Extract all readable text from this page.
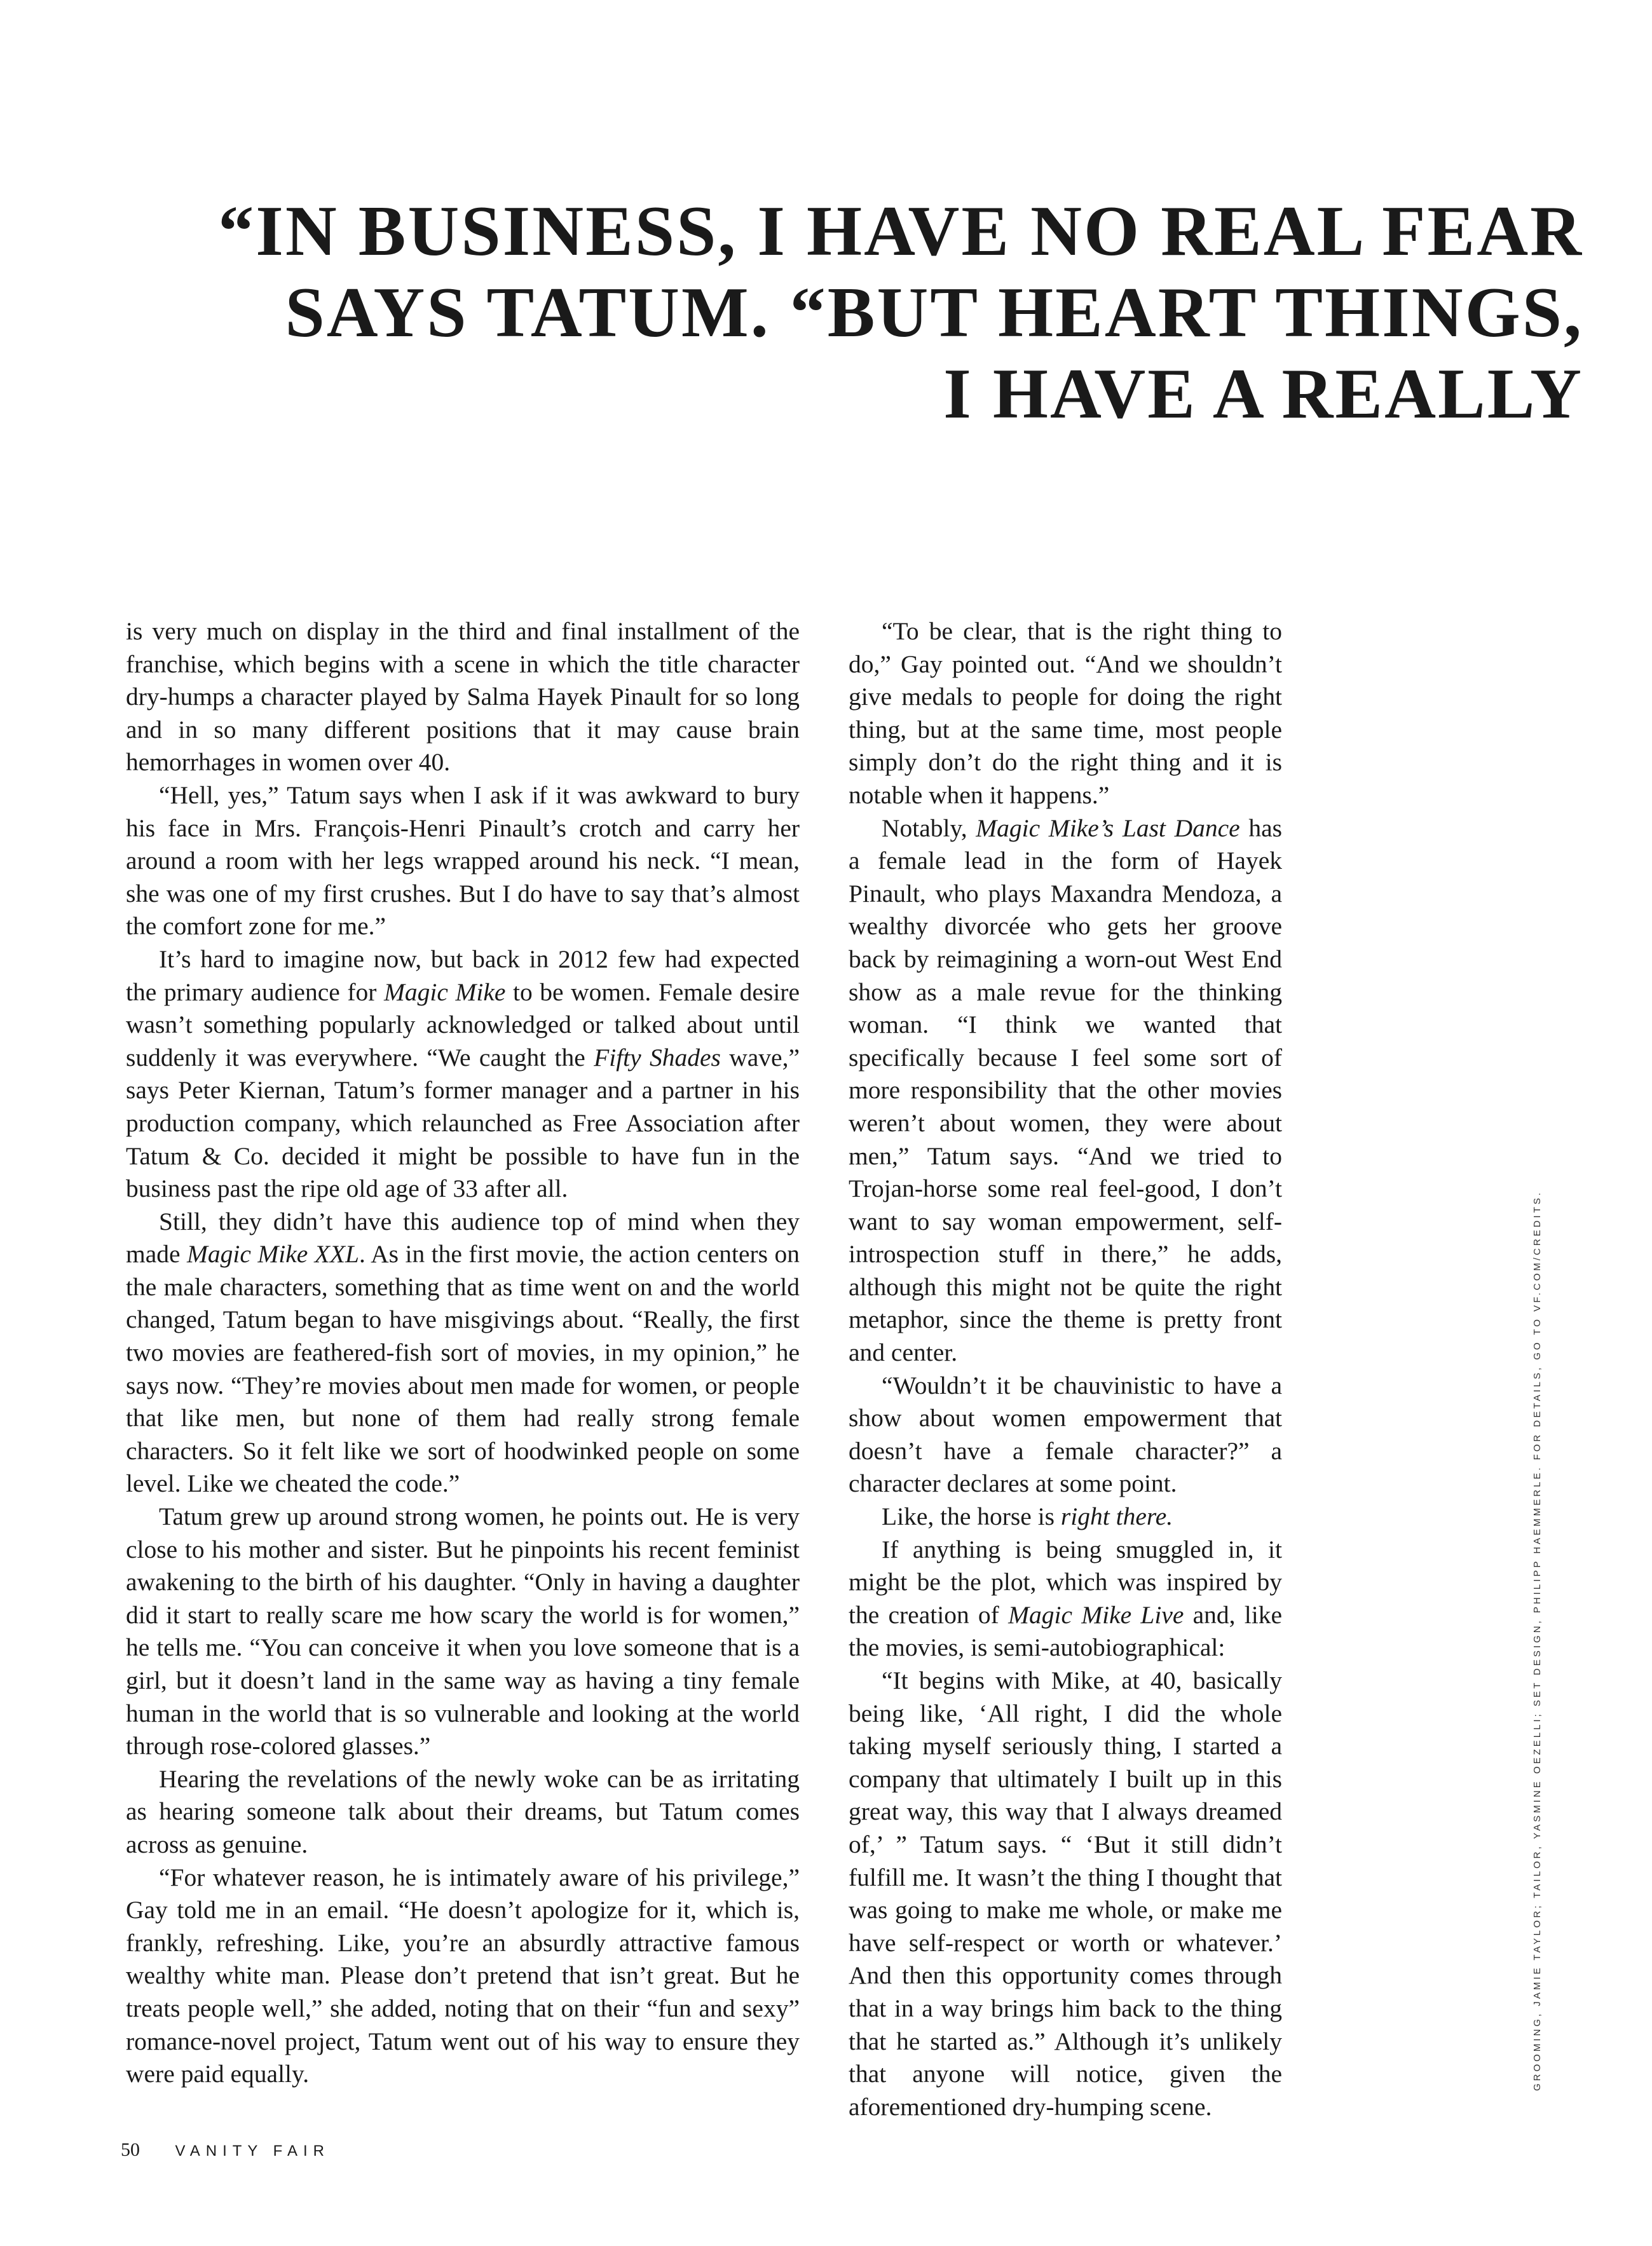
“IN BUSINESS, I HAVE NO REAL FEAR
SAYS TATUM. “BUT HEART THINGS,
I HAVE A REALLY

is very much on display in the third and final installment of the franchise, which begins with a scene in which the title character dry-humps a character played by Salma Hayek Pinault for so long and in so many different positions that it may cause brain hemorrhages in women over 40.

“Hell, yes,” Tatum says when I ask if it was awkward to bury his face in Mrs. François-Henri Pinault’s crotch and carry her around a room with her legs wrapped around his neck. “I mean, she was one of my first crushes. But I do have to say that’s almost the comfort zone for me.”

It’s hard to imagine now, but back in 2012 few had expected the primary audience for Magic Mike to be women. Female desire wasn’t something popularly acknowledged or talked about until suddenly it was everywhere. “We caught the Fifty Shades wave,” says Peter Kiernan, Tatum’s former manager and a partner in his production company, which relaunched as Free Association after Tatum & Co. decided it might be possible to have fun in the business past the ripe old age of 33 after all.

Still, they didn’t have this audience top of mind when they made Magic Mike XXL. As in the first movie, the action centers on the male characters, something that as time went on and the world changed, Tatum began to have misgivings about. “Really, the first two movies are feathered-fish sort of movies, in my opinion,” he says now. “They’re movies about men made for women, or people that like men, but none of them had really strong female characters. So it felt like we sort of hoodwinked people on some level. Like we cheated the code.”

Tatum grew up around strong women, he points out. He is very close to his mother and sister. But he pinpoints his recent feminist awakening to the birth of his daughter. “Only in having a daughter did it start to really scare me how scary the world is for women,” he tells me. “You can conceive it when you love someone that is a girl, but it doesn’t land in the same way as having a tiny female human in the world that is so vulnerable and looking at the world through rose-colored glasses.”

Hearing the revelations of the newly woke can be as irritating as hearing someone talk about their dreams, but Tatum comes across as genuine.

“For whatever reason, he is intimately aware of his privilege,” Gay told me in an email. “He doesn’t apologize for it, which is, frankly, refreshing. Like, you’re an absurdly attractive famous wealthy white man. Please don’t pretend that isn’t great. But he treats people well,” she added, noting that on their “fun and sexy” romance-novel project, Tatum went out of his way to ensure they were paid equally.

“To be clear, that is the right thing to do,” Gay pointed out. “And we shouldn’t give medals to people for doing the right thing, but at the same time, most people simply don’t do the right thing and it is notable when it happens.”

Notably, Magic Mike’s Last Dance has a female lead in the form of Hayek Pinault, who plays Maxandra Mendoza, a wealthy divorcée who gets her groove back by reimagining a worn-out West End show as a male revue for the thinking woman. “I think we wanted that specifically because I feel some sort of more responsibility that the other movies weren’t about women, they were about men,” Tatum says. “And we tried to Trojan-horse some real feel-good, I don’t want to say woman empowerment, self-introspection stuff in there,” he adds, although this might not be quite the right metaphor, since the theme is pretty front and center.

“Wouldn’t it be chauvinistic to have a show about women empowerment that doesn’t have a female character?” a character declares at some point.

Like, the horse is right there.

If anything is being smuggled in, it might be the plot, which was inspired by the creation of Magic Mike Live and, like the movies, is semi-autobiographical:

“It begins with Mike, at 40, basically being like, ‘All right, I did the whole taking myself seriously thing, I started a company that ultimately I built up in this great way, this way that I always dreamed of,’ ” Tatum says. “ ‘But it still didn’t fulfill me. It wasn’t the thing I thought that was going to make me whole, or make me have self-respect or worth or whatever.’ And then this opportunity comes through that in a way brings him back to the thing that he started as.” Although it’s unlikely that anyone will notice, given the aforementioned dry-humping scene.

GROOMING, JAMIE TAYLOR; TAILOR, YASMINE OEZELLI; SET DESIGN, PHILIPP HAEMMERLE. FOR DETAILS, GO TO VF.COM/CREDITS.
50 VANITY FAIR
